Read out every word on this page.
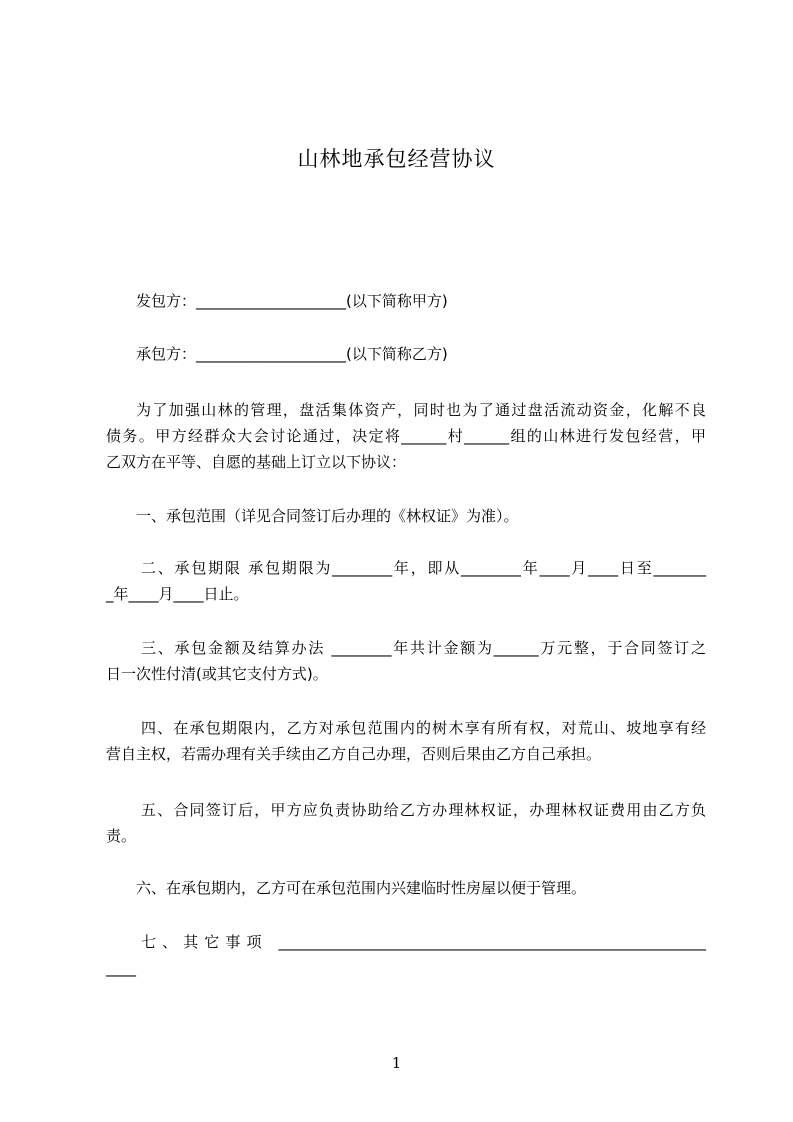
山林地承包经营协议
发包方：____________________(以下简称甲方)
承包方：____________________(以下简称乙方)
为了加强山林的管理，盘活集体资产，同时也为了通过盘活流动资金，化解不良
债务。甲方经群众大会讨论通过，决定将______村______组的山林进行发包经营，甲
乙双方在平等、自愿的基础上订立以下协议：
一、承包范围（详见合同签订后办理的《林权证》为准）。
二、承包期限 承包期限为________年，即从________年____月____日至_______
_年____月____日止。
三、承包金额及结算办法 ________年共计金额为______万元整，于合同签订之
日一次性付清(或其它支付方式)。
四、在承包期限内，乙方对承包范围内的树木享有所有权，对荒山、坡地享有经
营自主权，若需办理有关手续由乙方自己办理，否则后果由乙方自己承担。
五、合同签订后，甲方应负责协助给乙方办理林权证，办理林权证费用由乙方负
责。
六、在承包期内，乙方可在承包范围内兴建临时性房屋以便于管理。
七、其它事项 _________________________________________________________
____
1
